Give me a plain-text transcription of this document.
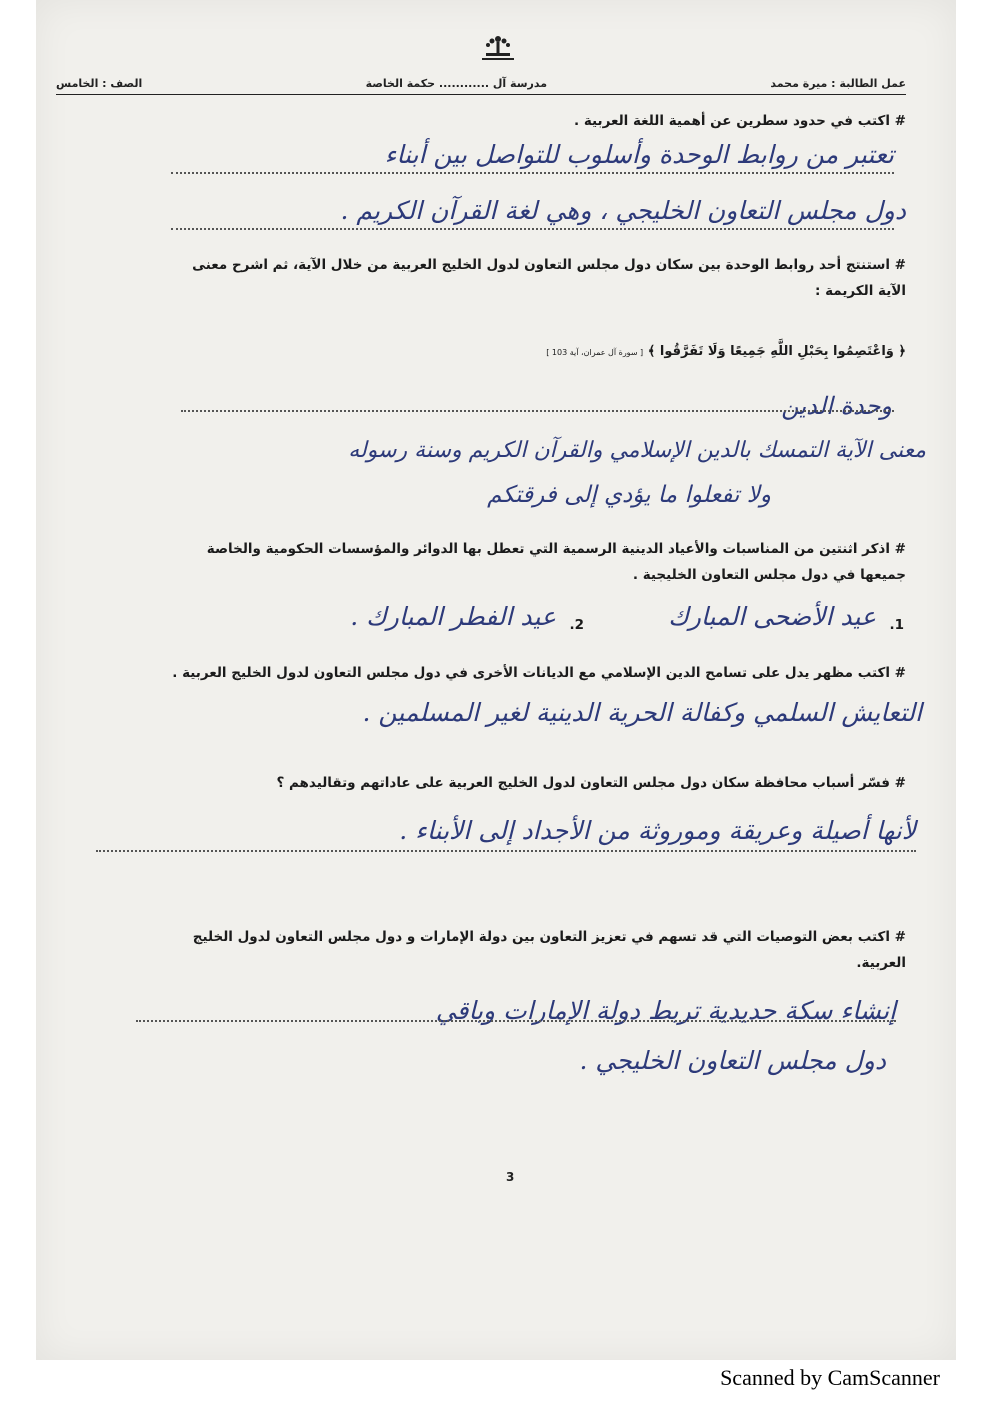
عمل الطالبة : ميرة محمد
مدرسة آل ............ حكمة الخاصة
الصف : الخامس
# اكتب في حدود سطرين عن أهمية اللغة العربية .
تعتبر من روابط الوحدة وأسلوب للتواصل بين أبناء
دول مجلس التعاون الخليجي ، وهي لغة القرآن الكريم .
# استنتج أحد روابط الوحدة بين سكان دول مجلس التعاون لدول الخليج العربية من خلال الآية، ثم اشرح معنى
الآية الكريمة :
﴿ وَاعْتَصِمُوا بِحَبْلِ اللَّهِ جَمِيعًا وَلَا تَفَرَّقُوا ﴾ [ سورة آل عمران، آية 103 ]
وحدة الدين
معنى الآية التمسك بالدين الإسلامي والقرآن الكريم وسنة رسوله
ولا تفعلوا ما يؤدي إلى فرقتكم
# اذكر اثنتين من المناسبات والأعياد الدينية الرسمية التي تعطل بها الدوائر والمؤسسات الحكومية والخاصة
جميعها في دول مجلس التعاون الخليجية .
1.
عيد الأضحى المبارك
2.
عيد الفطر المبارك .
# اكتب مظهر يدل على تسامح الدين الإسلامي مع الديانات الأخرى في دول مجلس التعاون لدول الخليج العربية .
التعايش السلمي وكفالة الحرية الدينية لغير المسلمين .
# فسّر أسباب محافظة سكان دول مجلس التعاون لدول الخليج العربية على عاداتهم وتقاليدهم ؟
لأنها أصيلة وعريقة وموروثة من الأجداد إلى الأبناء .
# اكتب بعض التوصيات التي قد تسهم في تعزيز التعاون بين دولة الإمارات و دول مجلس التعاون لدول الخليج
العربية.
إنشاء سكة حديدية تربط دولة الإمارات وباقي
دول مجلس التعاون الخليجي .
3
Scanned by CamScanner
